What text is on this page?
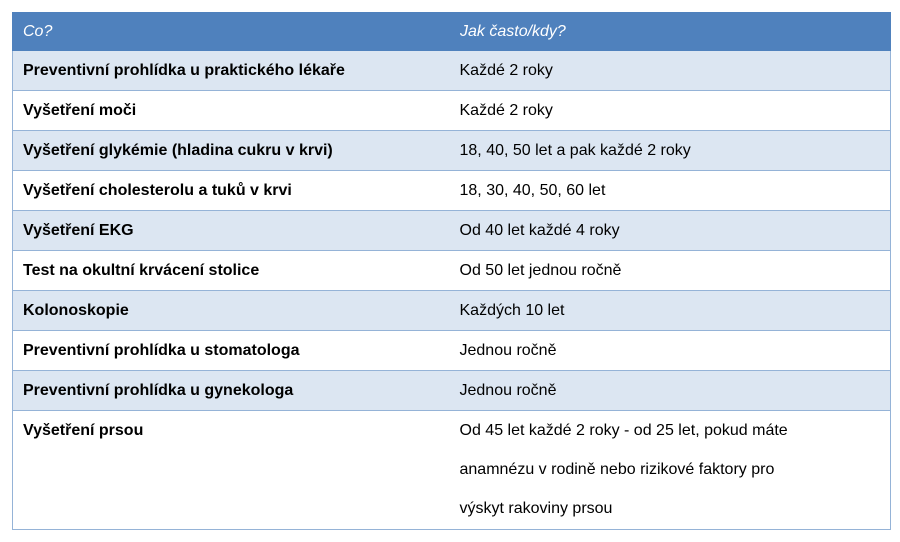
Co?	Jak často/kdy?
Preventivní prohlídka u praktického lékaře	Každé 2 roky
Vyšetření moči	Každé 2 roky
Vyšetření glykémie (hladina cukru v krvi)	18, 40, 50 let a pak každé 2 roky
Vyšetření cholesterolu a tuků v krvi	18, 30, 40, 50, 60 let
Vyšetření EKG	Od 40 let každé 4 roky
Test na okultní krvácení stolice	Od 50 let jednou ročně
Kolonoskopie	Každých 10 let
Preventivní prohlídka u stomatologa	Jednou ročně
Preventivní prohlídka u gynekologa	Jednou ročně
Vyšetření prsou	Od 45 let každé 2 roky - od 25 let, pokud máte
anamnézu v rodině nebo rizikové faktory pro
výskyt rakoviny prsou
